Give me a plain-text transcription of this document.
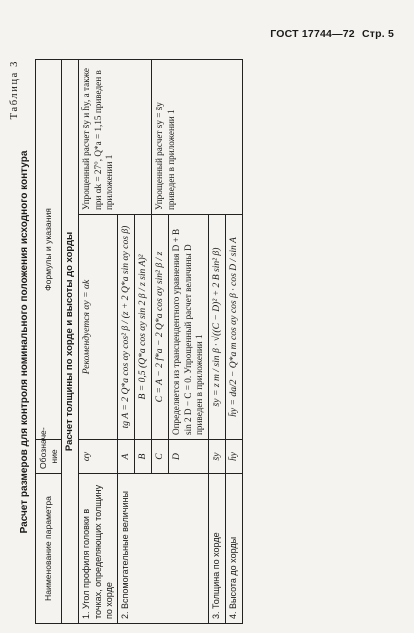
ГОСТ 17744—72 Стр. 5
Таблица 3
Расчет размеров для контроля номинального положения исходного контура
Наименование параметра	Обозначе- ние	Формулы и указания	
Расчет толщины по хорде и высоты до хорды			
1. Угол профиля головки в точках, определяющих толщину по хорде	αy	Рекомендуется αy = αk	Упрощенный расчет s̄y и h̄y, а также при αk = 27°, Q*a = 1,15 приведен в приложении 1
2. Вспомогательные величины	A	tg A = 2 Q*a cos αy cos² β / (z + 2 Q*a sin αy cos β)	
	B	B = 0,5 (Q*a cos αy sin 2 β / z sin A)²	
	C	C = A − 2 f*a − 2 Q*a cos αy sin² β / z	Упрощенный расчет sy = s̄y приведен в приложении 1
	D	Определяется из трансцендентного уравнения D + B sin 2 D − C = 0. Упрощенный расчет величины D приведен в приложении 1	
3. Толщина по хорде	s̄y	s̄y = z m / sin β · √((C − D)² + 2 B sin² β)	
4. Высота до хорды	h̄y	h̄y = da/2 − Q*a m cos αy cos β · cos D / sin A	
